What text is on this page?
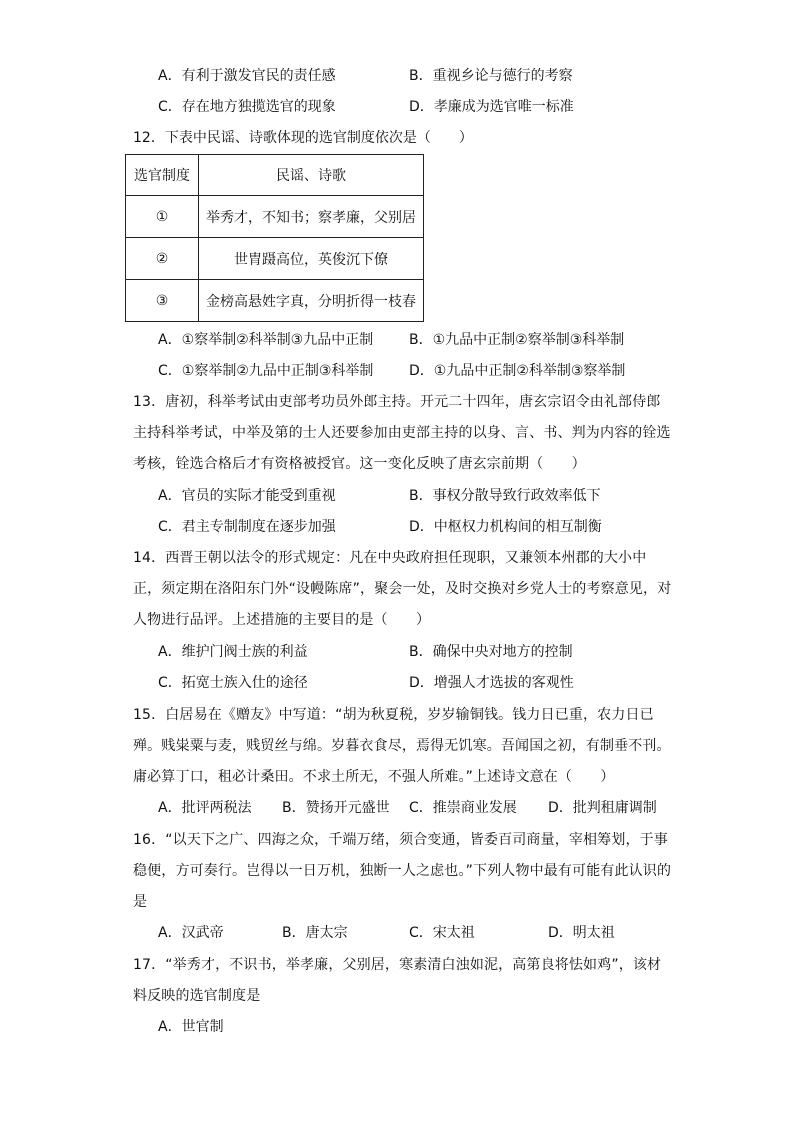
A．有利于激发官民的责任感	B．重视乡论与德行的考察
C．存在地方独揽选官的现象	D．孝廉成为选官唯一标准
12．下表中民谣、诗歌体现的选官制度依次是（　　）
选官制度	民谣、诗歌
①	举秀才，不知书；察孝廉，父别居
②	世胄蹑高位，英俊沉下僚
③	金榜高悬姓字真，分明折得一枝春
A．①察举制②科举制③九品中正制	B．①九品中正制②察举制③科举制
C．①察举制②九品中正制③科举制	D．①九品中正制②科举制③察举制
13．唐初，科举考试由吏部考功员外郎主持。开元二十四年，唐玄宗诏令由礼部侍郎主持科举考试，中举及第的士人还要参加由吏部主持的以身、言、书、判为内容的铨选考核，铨选合格后才有资格被授官。这一变化反映了唐玄宗前期（　　）
A．官员的实际才能受到重视	B．事权分散导致行政效率低下
C．君主专制制度在逐步加强	D．中枢权力机构间的相互制衡
14．西晋王朝以法令的形式规定：凡在中央政府担任现职，又兼领本州郡的大小中正，须定期在洛阳东门外“设幔陈席”，聚会一处，及时交换对乡党人士的考察意见，对人物进行品评。上述措施的主要目的是（　　）
A．维护门阀士族的利益	B．确保中央对地方的控制
C．拓宽士族入仕的途径	D．增强人才选拔的客观性
15．白居易在《赠友》中写道：“胡为秋夏税，岁岁输铜钱。钱力日已重，农力日已殚。贱粜粟与麦，贱贸丝与绵。岁暮衣食尽，焉得无饥寒。吾闻国之初，有制垂不刊。庸必算丁口，租必计桑田。不求土所无，不强人所难。”上述诗文意在（　　）
A．批评两税法 B．赞扬开元盛世 C．推崇商业发展 D．批判租庸调制
16．“以天下之广、四海之众，千端万绪，须合变通，皆委百司商量，宰相筹划，于事稳便，方可奏行。岂得以一日万机，独断一人之虑也。”下列人物中最有可能有此认识的是
A．汉武帝	B．唐太宗	C．宋太祖	D．明太祖
17．“举秀才，不识书，举孝廉，父别居，寒素清白浊如泥，高第良将怯如鸡”，该材料反映的选官制度是
A．世官制
